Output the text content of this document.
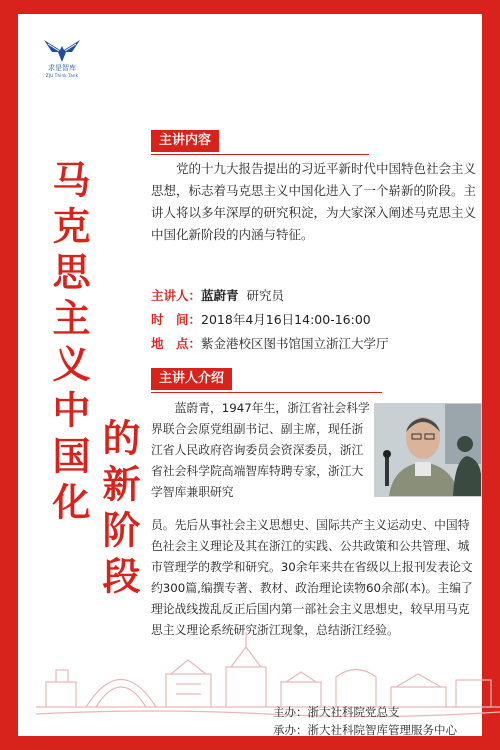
求是智库
ZJU Think Tank
马克思主义中国化 的新阶段
主讲内容
党的十九大报告提出的习近平新时代中国特色社会主义思想，标志着马克思主义中国化进入了一个崭新的阶段。主讲人将以多年深厚的研究积淀，为大家深入阐述马克思主义中国化新阶段的内涵与特征。
主讲人：蓝蔚青 研究员
时　间：2018年4月16日14:00-16:00
地　点：紫金港校区图书馆国立浙江大学厅
主讲人介绍
蓝蔚青，1947年生，浙江省社会科学界联合会原党组副书记、副主席，现任浙江省人民政府咨询委员会资深委员，浙江省社会科学院高端智库特聘专家，浙江大学智库兼职研究
员。先后从事社会主义思想史、国际共产主义运动史、中国特色社会主义理论及其在浙江的实践、公共政策和公共管理、城市管理学的教学和研究。30余年来共在省级以上报刊发表论文约300篇,编撰专著、教材、政治理论读物60余部(本)。主编了理论战线拨乱反正后国内第一部社会主义思想史，较早用马克思主义理论系统研究浙江现象，总结浙江经验。
主办：浙大社科院党总支
承办：浙大社科院智库管理服务中心
